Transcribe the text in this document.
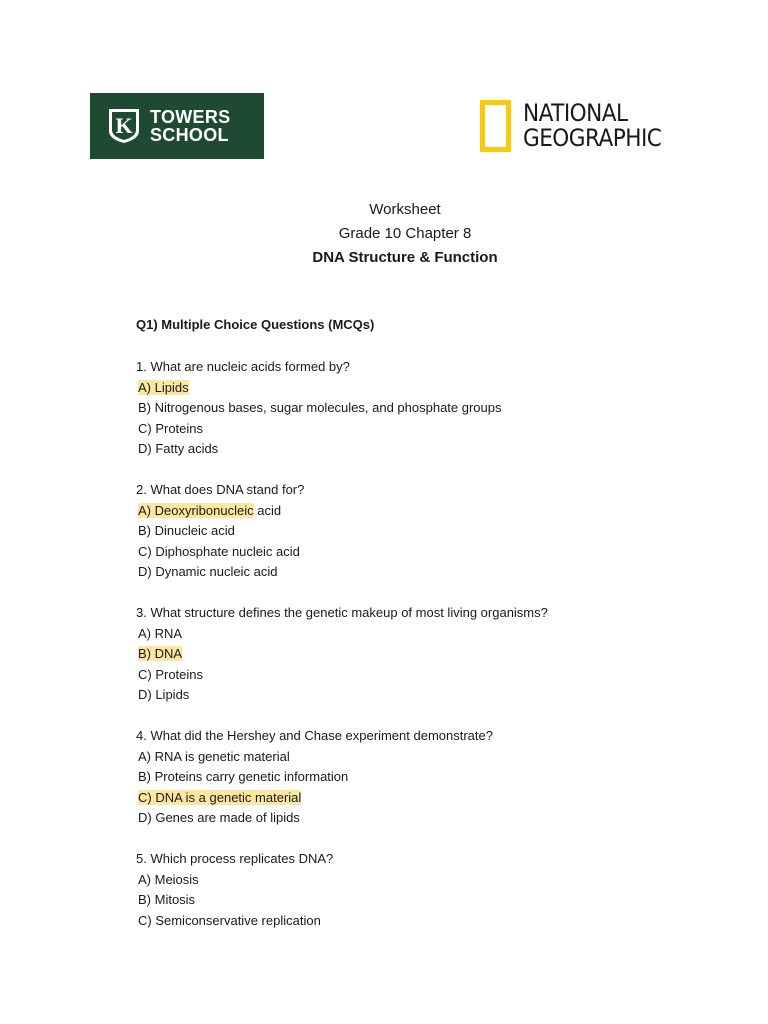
K TOWERS
SCHOOL
NATIONAL
GEOGRAPHIC
Worksheet
Grade 10 Chapter 8
DNA Structure & Function
Q1) Multiple Choice Questions (MCQs)
1. What are nucleic acids formed by?
A) Lipids
B) Nitrogenous bases, sugar molecules, and phosphate groups
C) Proteins
D) Fatty acids
2. What does DNA stand for?
A) Deoxyribonucleic acid
B) Dinucleic acid
C) Diphosphate nucleic acid
D) Dynamic nucleic acid
3. What structure defines the genetic makeup of most living organisms?
A) RNA
B) DNA
C) Proteins
D) Lipids
4. What did the Hershey and Chase experiment demonstrate?
A) RNA is genetic material
B) Proteins carry genetic information
C) DNA is a genetic material
D) Genes are made of lipids
5. Which process replicates DNA?
A) Meiosis
B) Mitosis
C) Semiconservative replication
